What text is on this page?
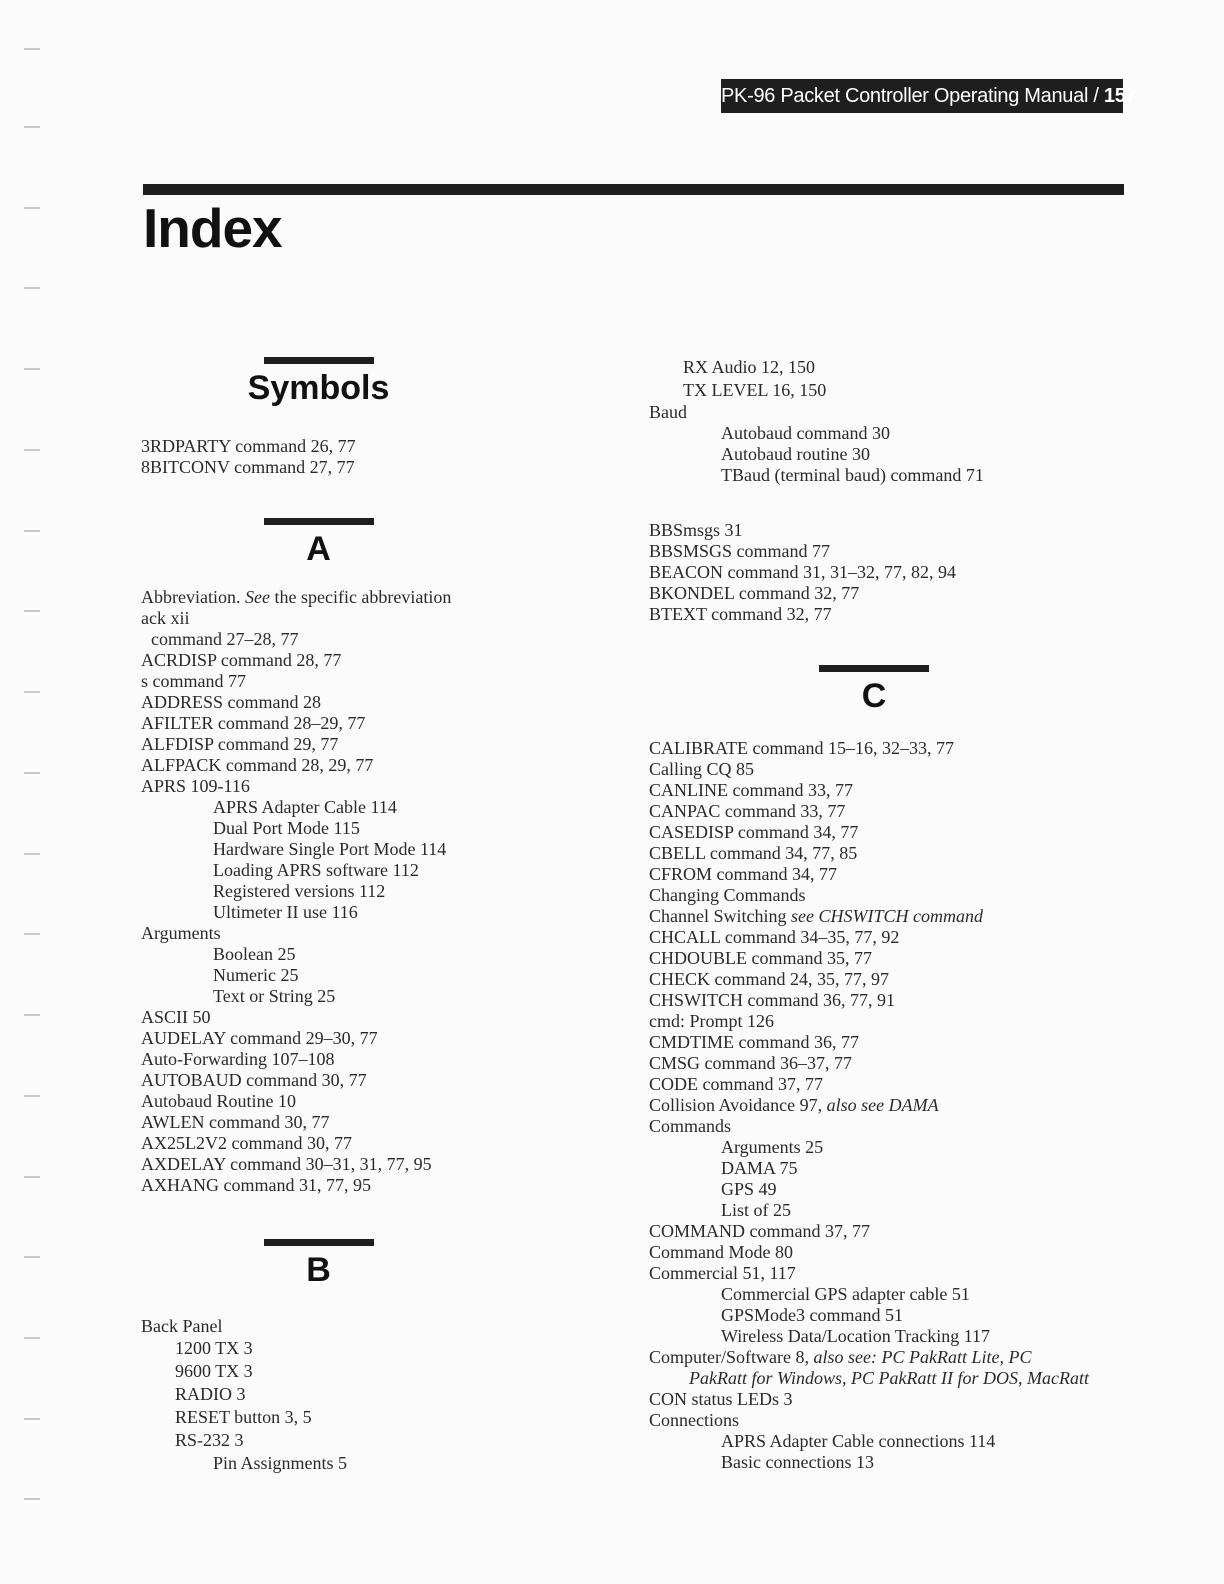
PK-96 Packet Controller Operating Manual / 157
Index
Symbols
3RDPARTY command 26, 77
8BITCONV command 27, 77
A
Abbreviation. See the specific abbreviation
ack xii
command 27–28, 77
ACRDISP command 28, 77
s command 77
ADDRESS command 28
AFILTER command 28–29, 77
ALFDISP command 29, 77
ALFPACK command 28, 29, 77
APRS 109-116
APRS Adapter Cable 114
Dual Port Mode 115
Hardware Single Port Mode 114
Loading APRS software 112
Registered versions 112
Ultimeter II use 116
Arguments
Boolean 25
Numeric 25
Text or String 25
ASCII 50
AUDELAY command 29–30, 77
Auto-Forwarding 107–108
AUTOBAUD command 30, 77
Autobaud Routine 10
AWLEN command 30, 77
AX25L2V2 command 30, 77
AXDELAY command 30–31, 31, 77, 95
AXHANG command 31, 77, 95
B
Back Panel
1200 TX 3
9600 TX 3
RADIO 3
RESET button 3, 5
RS-232 3
Pin Assignments 5
RX Audio 12, 150
TX LEVEL 16, 150
Baud
Autobaud command 30
Autobaud routine 30
TBaud (terminal baud) command 71
BBSmsgs 31
BBSMSGS command 77
BEACON command 31, 31–32, 77, 82, 94
BKONDEL command 32, 77
BTEXT command 32, 77
C
CALIBRATE command 15–16, 32–33, 77
Calling CQ 85
CANLINE command 33, 77
CANPAC command 33, 77
CASEDISP command 34, 77
CBELL command 34, 77, 85
CFROM command 34, 77
Changing Commands
Channel Switching see CHSWITCH command
CHCALL command 34–35, 77, 92
CHDOUBLE command 35, 77
CHECK command 24, 35, 77, 97
CHSWITCH command 36, 77, 91
cmd: Prompt 126
CMDTIME command 36, 77
CMSG command 36–37, 77
CODE command 37, 77
Collision Avoidance 97, also see DAMA
Commands
Arguments 25
DAMA 75
GPS 49
List of 25
COMMAND command 37, 77
Command Mode 80
Commercial 51, 117
Commercial GPS adapter cable 51
GPSMode3 command 51
Wireless Data/Location Tracking 117
Computer/Software 8, also see: PC PakRatt Lite, PC
PakRatt for Windows, PC PakRatt II for DOS, MacRatt
CON status LEDs 3
Connections
APRS Adapter Cable connections 114
Basic connections 13
